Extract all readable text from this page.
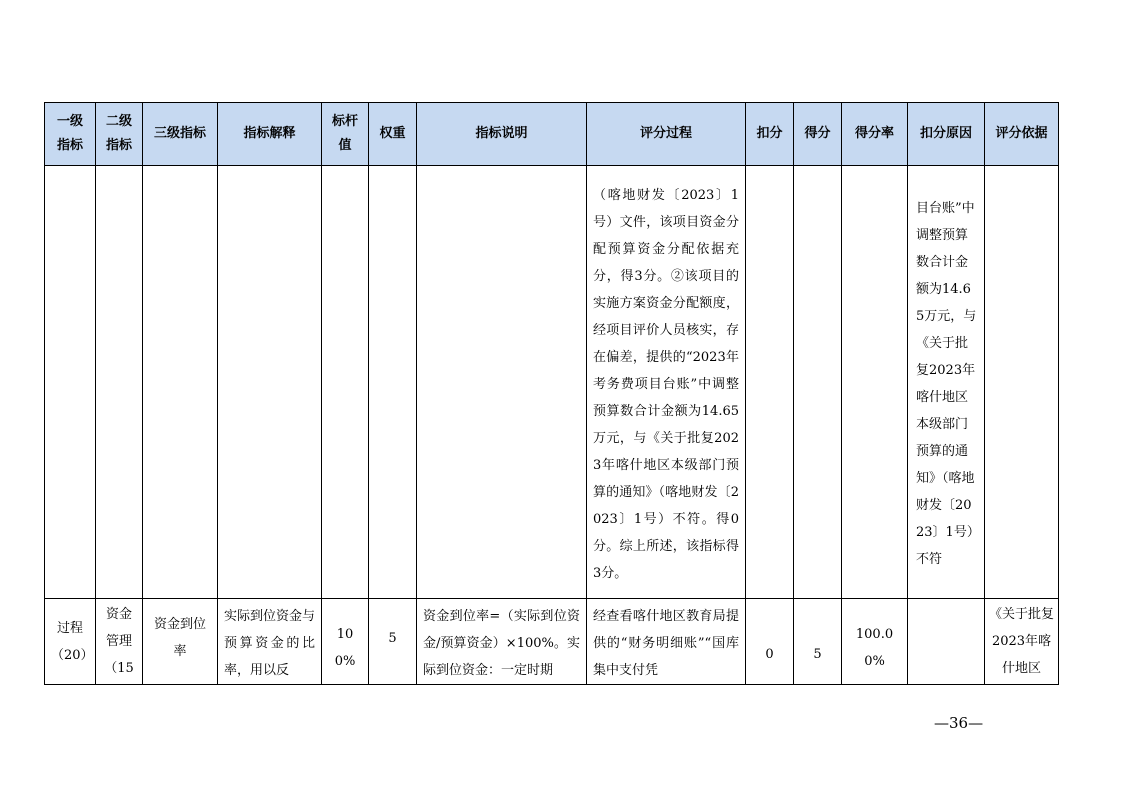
一级指标	二级指标	三级指标	指标解释	标杆值	权重	指标说明	评分过程	扣分	得分	得分率	扣分原因	评分依据

							（喀地财发〔2023〕1号）文件，该项目资金分配预算资金分配依据充分，得3分。②该项目的实施方案资金分配额度，经项目评价人员核实，存在偏差，提供的“2023年考务费项目台账”中调整预算数合计金额为14.65万元，与《关于批复2023年喀什地区本级部门预算的通知》（喀地财发〔2023〕1号）不符。得0分。综上所述，该指标得3分。				目台账”中调整预算数合计金额为14.65万元，与《关于批复2023年喀什地区本级部门预算的通知》（喀地财发〔2023〕1号）不符	

过程（20）	资金管理（15	资金到位率	实际到位资金与预算资金的比率，用以反	100%	5	资金到位率=（实际到位资金/预算资金）×100%。实际到位资金：一定时期	经查看喀什地区教育局提供的“财务明细账”“国库集中支付凭	0	5	100.00%		《关于批复2023年喀什地区
—36—
